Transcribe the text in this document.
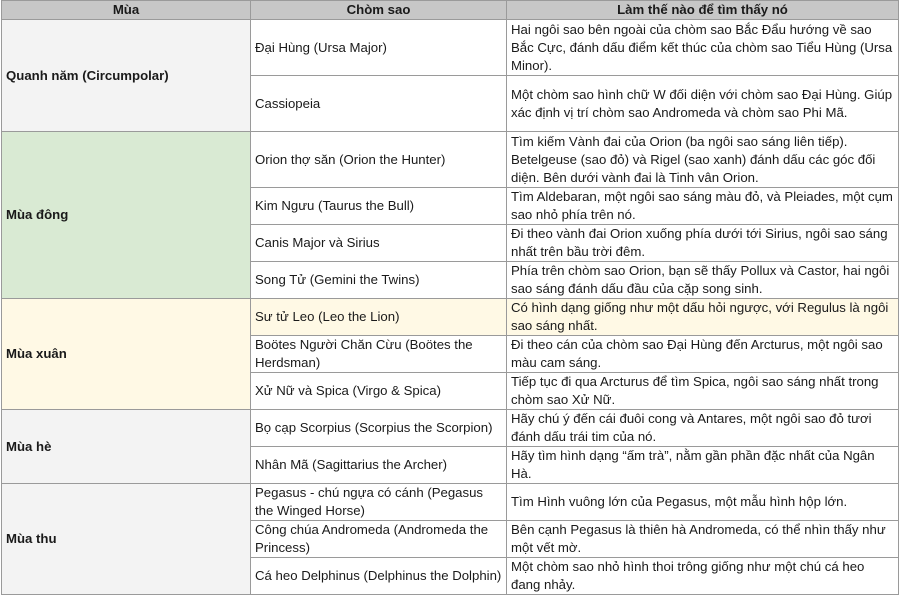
Mùa	Chòm sao	Làm thế nào để tìm thấy nó
Quanh năm (Circumpolar)	Đại Hùng (Ursa Major)	Hai ngôi sao bên ngoài của chòm sao Bắc Đẩu hướng về sao Bắc Cực, đánh dấu điểm kết thúc của chòm sao Tiểu Hùng (Ursa Minor).
	Cassiopeia	Một chòm sao hình chữ W đối diện với chòm sao Đại Hùng. Giúp xác định vị trí chòm sao Andromeda và chòm sao Phi Mã.
Mùa đông	Orion thợ săn (Orion the Hunter)	Tìm kiếm Vành đai của Orion (ba ngôi sao sáng liên tiếp). Betelgeuse (sao đỏ) và Rigel (sao xanh) đánh dấu các góc đối diện. Bên dưới vành đai là Tinh vân Orion.
	Kim Ngưu (Taurus the Bull)	Tìm Aldebaran, một ngôi sao sáng màu đỏ, và Pleiades, một cụm sao nhỏ phía trên nó.
	Canis Major và Sirius	Đi theo vành đai Orion xuống phía dưới tới Sirius, ngôi sao sáng nhất trên bầu trời đêm.
	Song Tử (Gemini the Twins)	Phía trên chòm sao Orion, bạn sẽ thấy Pollux và Castor, hai ngôi sao sáng đánh dấu đầu của cặp song sinh.
Mùa xuân	Sư tử Leo (Leo the Lion)	Có hình dạng giống như một dấu hỏi ngược, với Regulus là ngôi sao sáng nhất.
	Boötes Người Chăn Cừu (Boötes the Herdsman)	Đi theo cán của chòm sao Đại Hùng đến Arcturus, một ngôi sao màu cam sáng.
	Xử Nữ và Spica (Virgo & Spica)	Tiếp tục đi qua Arcturus để tìm Spica, ngôi sao sáng nhất trong chòm sao Xử Nữ.
Mùa hè	Bọ cạp Scorpius (Scorpius the Scorpion)	Hãy chú ý đến cái đuôi cong và Antares, một ngôi sao đỏ tươi đánh dấu trái tim của nó.
	Nhân Mã (Sagittarius the Archer)	Hãy tìm hình dạng “ấm trà”, nằm gần phần đặc nhất của Ngân Hà.
Mùa thu	Pegasus - chú ngựa có cánh (Pegasus the Winged Horse)	Tìm Hình vuông lớn của Pegasus, một mẫu hình hộp lớn.
	Công chúa Andromeda (Andromeda the Princess)	Bên cạnh Pegasus là thiên hà Andromeda, có thể nhìn thấy như một vết mờ.
	Cá heo Delphinus (Delphinus the Dolphin)	Một chòm sao nhỏ hình thoi trông giống như một chú cá heo đang nhảy.
